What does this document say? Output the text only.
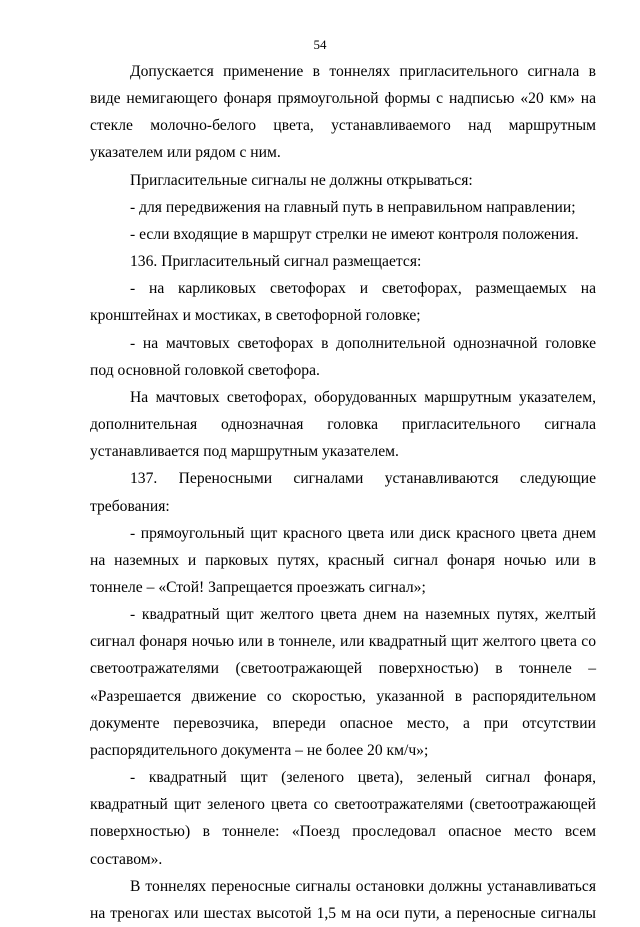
54

Допускается применение в тоннелях пригласительного сигнала в виде немигающего фонаря прямоугольной формы с надписью «20 км» на стекле молочно-белого цвета, устанавливаемого над маршрутным указателем или рядом с ним.

Пригласительные сигналы не должны открываться:

- для передвижения на главный путь в неправильном направлении;

- если входящие в маршрут стрелки не имеют контроля положения.

136. Пригласительный сигнал размещается:

- на карликовых светофорах и светофорах, размещаемых на кронштейнах и мостиках, в светофорной головке;

- на мачтовых светофорах в дополнительной однозначной головке под основной головкой светофора.

На мачтовых светофорах, оборудованных маршрутным указателем, дополнительная однозначная головка пригласительного сигнала устанавливается под маршрутным указателем.

137. Переносными сигналами устанавливаются следующие требования:

- прямоугольный щит красного цвета или диск красного цвета днем на наземных и парковых путях, красный сигнал фонаря ночью или в тоннеле – «Стой! Запрещается проезжать сигнал»;

- квадратный щит желтого цвета днем на наземных путях, желтый сигнал фонаря ночью или в тоннеле, или квадратный щит желтого цвета со светоотражателями (светоотражающей поверхностью) в тоннеле – «Разрешается движение со скоростью, указанной в распорядительном документе перевозчика, впереди опасное место, а при отсутствии распорядительного документа – не более 20 км/ч»;

- квадратный щит (зеленого цвета), зеленый сигнал фонаря, квадратный щит зеленого цвета со светоотражателями (светоотражающей поверхностью) в тоннеле: «Поезд проследовал опасное место всем составом».

В тоннелях переносные сигналы остановки должны устанавливаться на треногах или шестах высотой 1,5 м на оси пути, а переносные сигналы
